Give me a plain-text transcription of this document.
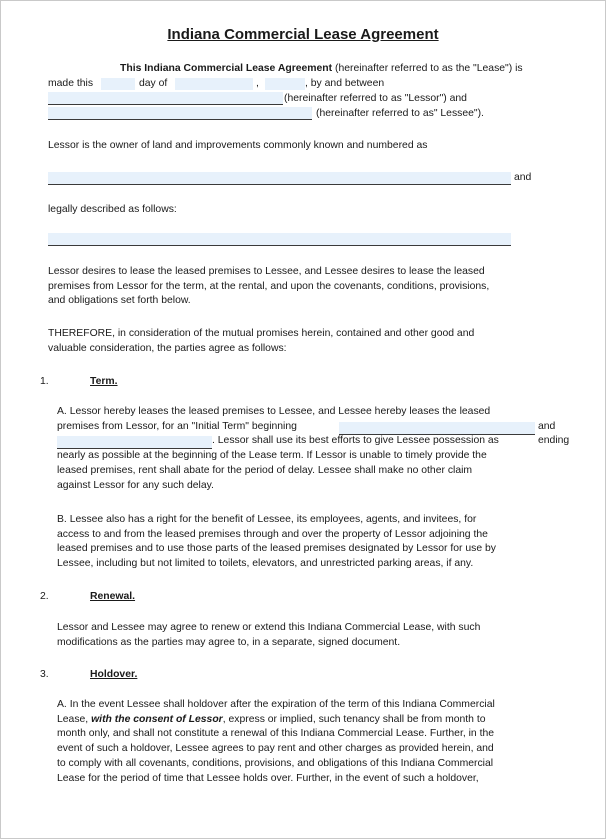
Indiana Commercial Lease Agreement
This Indiana Commercial Lease Agreement (hereinafter referred to as the "Lease") is
made this	day of	,	, by and between
(hereinafter referred to as "Lessor") and
(hereinafter referred to as" Lessee").
Lessor is the owner of land and improvements commonly known and numbered as
and
legally described as follows:
Lessor desires to lease the leased premises to Lessee, and Lessee desires to lease the leased
premises from Lessor for the term, at the rental, and upon the covenants, conditions, provisions,
and obligations set forth below.
THEREFORE, in consideration of the mutual promises herein, contained and other good and
valuable consideration, the parties agree as follows:
1.	Term.
A. Lessor hereby leases the leased premises to Lessee, and Lessee hereby leases the leased
premises from Lessor, for an "Initial Term" beginning	and ending
. Lessor shall use its best efforts to give Lessee possession as
nearly as possible at the beginning of the Lease term. If Lessor is unable to timely provide the
leased premises, rent shall abate for the period of delay. Lessee shall make no other claim
against Lessor for any such delay.
B. Lessee also has a right for the benefit of Lessee, its employees, agents, and invitees, for
access to and from the leased premises through and over the property of Lessor adjoining the
leased premises and to use those parts of the leased premises designated by Lessor for use by
Lessee, including but not limited to toilets, elevators, and unrestricted parking areas, if any.
2.	Renewal.
Lessor and Lessee may agree to renew or extend this Indiana Commercial Lease, with such
modifications as the parties may agree to, in a separate, signed document.
3.	Holdover.
A. In the event Lessee shall holdover after the expiration of the term of this Indiana Commercial
Lease, with the consent of Lessor, express or implied, such tenancy shall be from month to
month only, and shall not constitute a renewal of this Indiana Commercial Lease. Further, in the
event of such a holdover, Lessee agrees to pay rent and other charges as provided herein, and
to comply with all covenants, conditions, provisions, and obligations of this Indiana Commercial
Lease for the period of time that Lessee holds over. Further, in the event of such a holdover,
